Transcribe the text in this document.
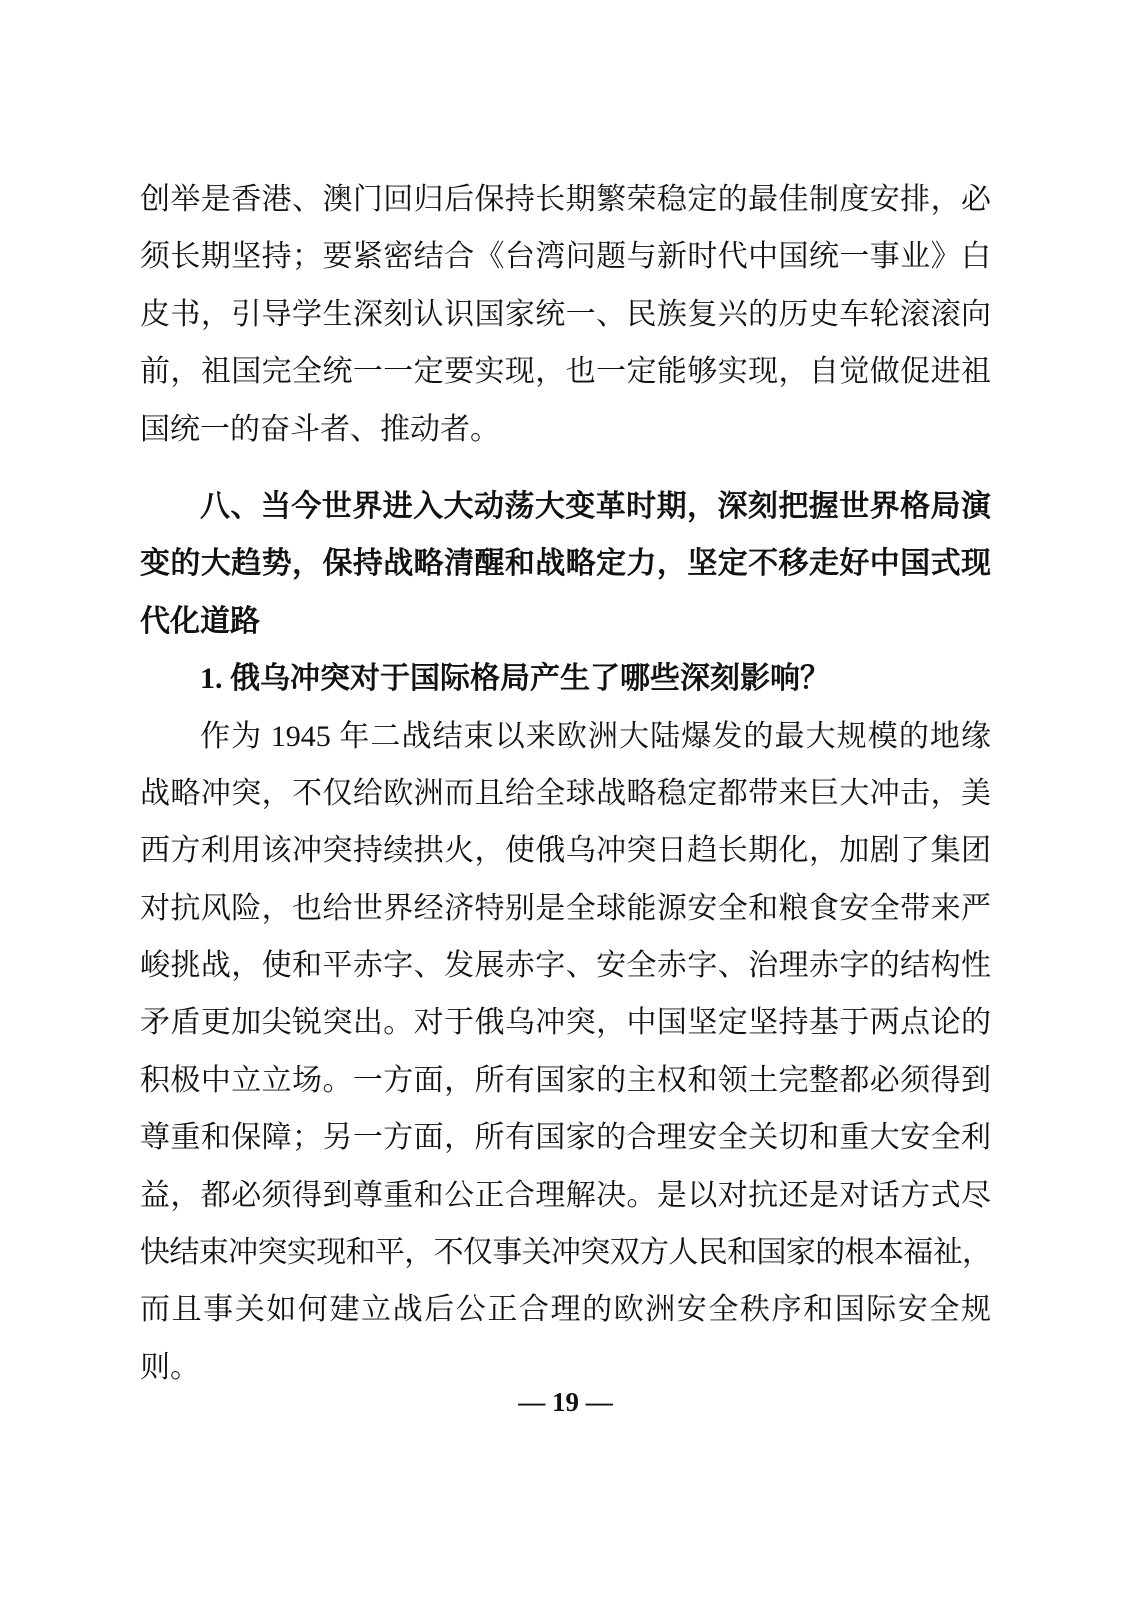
创举是香港、澳门回归后保持长期繁荣稳定的最佳制度安排，必
须长期坚持；要紧密结合《台湾问题与新时代中国统一事业》白
皮书，引导学生深刻认识国家统一、民族复兴的历史车轮滚滚向
前，祖国完全统一一定要实现，也一定能够实现，自觉做促进祖
国统一的奋斗者、推动者。
八、当今世界进入大动荡大变革时期，深刻把握世界格局演
变的大趋势，保持战略清醒和战略定力，坚定不移走好中国式现
代化道路
1. 俄乌冲突对于国际格局产生了哪些深刻影响？
作为 1945 年二战结束以来欧洲大陆爆发的最大规模的地缘
战略冲突，不仅给欧洲而且给全球战略稳定都带来巨大冲击，美
西方利用该冲突持续拱火，使俄乌冲突日趋长期化，加剧了集团
对抗风险，也给世界经济特别是全球能源安全和粮食安全带来严
峻挑战，使和平赤字、发展赤字、安全赤字、治理赤字的结构性
矛盾更加尖锐突出。对于俄乌冲突，中国坚定坚持基于两点论的
积极中立立场。一方面，所有国家的主权和领土完整都必须得到
尊重和保障；另一方面，所有国家的合理安全关切和重大安全利
益，都必须得到尊重和公正合理解决。是以对抗还是对话方式尽
快结束冲突实现和平，不仅事关冲突双方人民和国家的根本福祉，
而且事关如何建立战后公正合理的欧洲安全秩序和国际安全规
则。
— 19 —
